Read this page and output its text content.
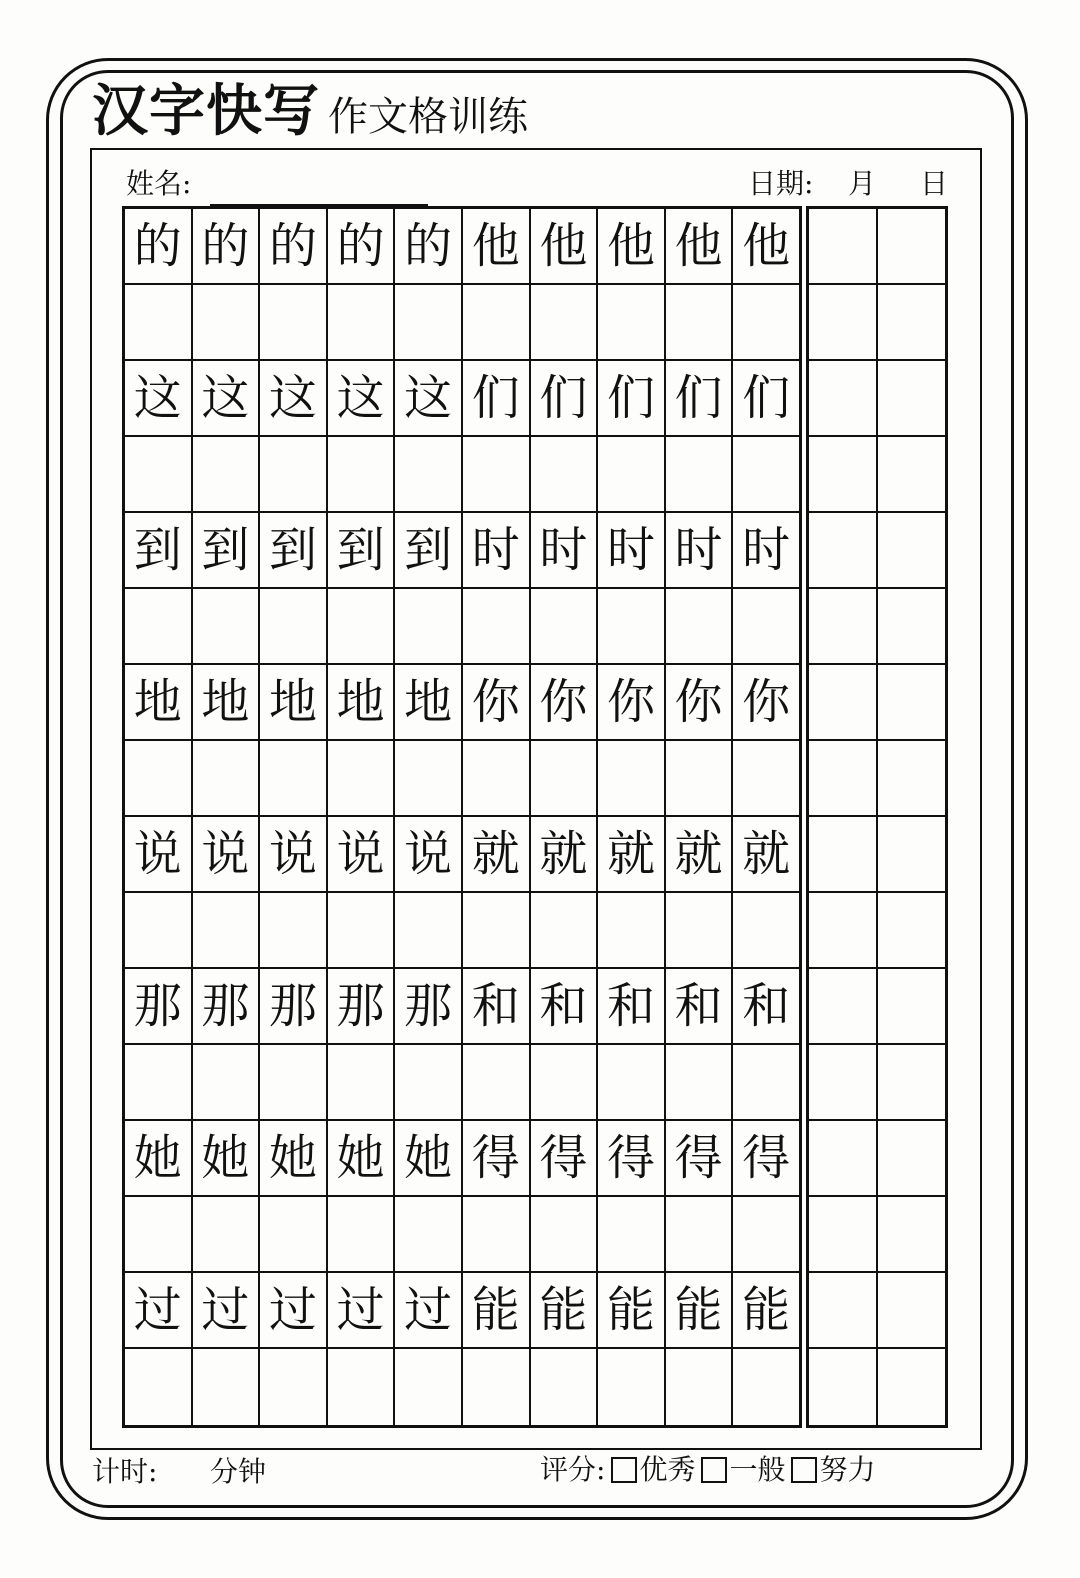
汉字快写 作文格训练
姓名:	日期: 月 日
的 的 的 的 的 他 他 他 他 他
这 这 这 这 这 们 们 们 们 们
到 到 到 到 到 时 时 时 时 时
地 地 地 地 地 你 你 你 你 你
说 说 说 说 说 就 就 就 就 就
那 那 那 那 那 和 和 和 和 和
她 她 她 她 她 得 得 得 得 得
过 过 过 过 过 能 能 能 能 能
计时: 分钟	评分: 优秀 一般 努力
